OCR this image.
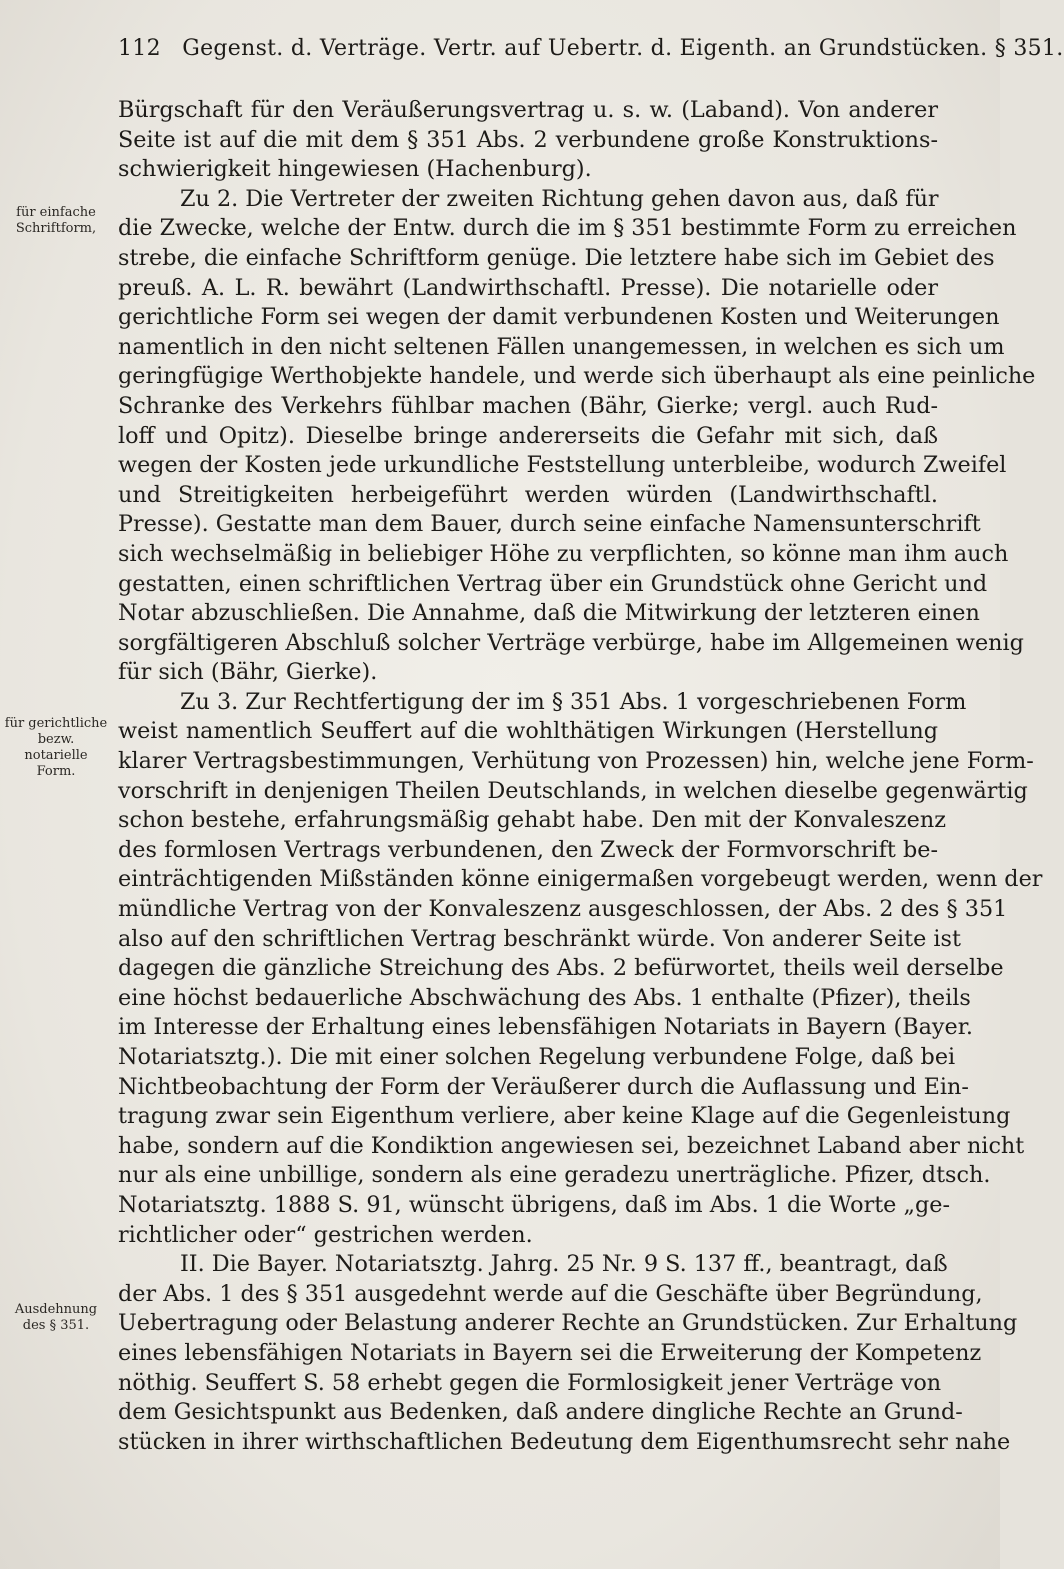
112 Gegenst. d. Verträge. Vertr. auf Uebertr. d. Eigenth. an Grundstücken. § 351.
für einfache
Schriftform,
für gerichtliche
bezw.
notarielle
Form.
Ausdehnung
des § 351.
Bürgschaft für den Veräußerungsvertrag u. s. w. (Laband). Von anderer
Seite ist auf die mit dem § 351 Abs. 2 verbundene große Konstruktions-
schwierigkeit hingewiesen (Hachenburg).
Zu 2. Die Vertreter der zweiten Richtung gehen davon aus, daß für
die Zwecke, welche der Entw. durch die im § 351 bestimmte Form zu erreichen
strebe, die einfache Schriftform genüge. Die letztere habe sich im Gebiet des
preuß. A. L. R. bewährt (Landwirthschaftl. Presse). Die notarielle oder
gerichtliche Form sei wegen der damit verbundenen Kosten und Weiterungen
namentlich in den nicht seltenen Fällen unangemessen, in welchen es sich um
geringfügige Werthobjekte handele, und werde sich überhaupt als eine peinliche
Schranke des Verkehrs fühlbar machen (Bähr, Gierke; vergl. auch Rud-
loff und Opitz). Dieselbe bringe andererseits die Gefahr mit sich, daß
wegen der Kosten jede urkundliche Feststellung unterbleibe, wodurch Zweifel
und Streitigkeiten herbeigeführt werden würden (Landwirthschaftl.
Presse). Gestatte man dem Bauer, durch seine einfache Namensunterschrift
sich wechselmäßig in beliebiger Höhe zu verpflichten, so könne man ihm auch
gestatten, einen schriftlichen Vertrag über ein Grundstück ohne Gericht und
Notar abzuschließen. Die Annahme, daß die Mitwirkung der letzteren einen
sorgfältigeren Abschluß solcher Verträge verbürge, habe im Allgemeinen wenig
für sich (Bähr, Gierke).
Zu 3. Zur Rechtfertigung der im § 351 Abs. 1 vorgeschriebenen Form
weist namentlich Seuffert auf die wohlthätigen Wirkungen (Herstellung
klarer Vertragsbestimmungen, Verhütung von Prozessen) hin, welche jene Form-
vorschrift in denjenigen Theilen Deutschlands, in welchen dieselbe gegenwärtig
schon bestehe, erfahrungsmäßig gehabt habe. Den mit der Konvaleszenz
des formlosen Vertrags verbundenen, den Zweck der Formvorschrift be-
einträchtigenden Mißständen könne einigermaßen vorgebeugt werden, wenn der
mündliche Vertrag von der Konvaleszenz ausgeschlossen, der Abs. 2 des § 351
also auf den schriftlichen Vertrag beschränkt würde. Von anderer Seite ist
dagegen die gänzliche Streichung des Abs. 2 befürwortet, theils weil derselbe
eine höchst bedauerliche Abschwächung des Abs. 1 enthalte (Pfizer), theils
im Interesse der Erhaltung eines lebensfähigen Notariats in Bayern (Bayer.
Notariatsztg.). Die mit einer solchen Regelung verbundene Folge, daß bei
Nichtbeobachtung der Form der Veräußerer durch die Auflassung und Ein-
tragung zwar sein Eigenthum verliere, aber keine Klage auf die Gegenleistung
habe, sondern auf die Kondiktion angewiesen sei, bezeichnet Laband aber nicht
nur als eine unbillige, sondern als eine geradezu unerträgliche. Pfizer, dtsch.
Notariatsztg. 1888 S. 91, wünscht übrigens, daß im Abs. 1 die Worte „ge-
richtlicher oder“ gestrichen werden.
II. Die Bayer. Notariatsztg. Jahrg. 25 Nr. 9 S. 137 ff., beantragt, daß
der Abs. 1 des § 351 ausgedehnt werde auf die Geschäfte über Begründung,
Uebertragung oder Belastung anderer Rechte an Grundstücken. Zur Erhaltung
eines lebensfähigen Notariats in Bayern sei die Erweiterung der Kompetenz
nöthig. Seuffert S. 58 erhebt gegen die Formlosigkeit jener Verträge von
dem Gesichtspunkt aus Bedenken, daß andere dingliche Rechte an Grund-
stücken in ihrer wirthschaftlichen Bedeutung dem Eigenthumsrecht sehr nahe
